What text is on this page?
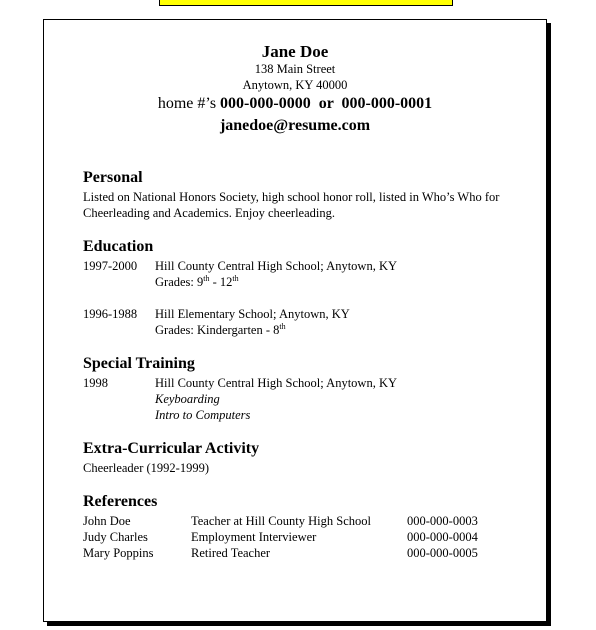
Jane Doe
138 Main Street
Anytown, KY 40000
home #’s 000-000-0000  or  000-000-0001
janedoe@resume.com
Personal
Listed on National Honors Society, high school honor roll, listed in Who’s Who for Cheerleading and Academics. Enjoy cheerleading.
Education
1997-2000 Hill County Central High School; Anytown, KY
Grades: 9th - 12th
1996-1988 Hill Elementary School; Anytown, KY
Grades: Kindergarten - 8th
Special Training
1998	Hill County Central High School; Anytown, KY
Keyboarding
Intro to Computers
Extra-Curricular Activity
Cheerleader (1992-1999)
References
John Doe	Teacher at Hill County High School	000-000-0003
Judy Charles	Employment Interviewer	000-000-0004
Mary Poppins	Retired Teacher	000-000-0005
